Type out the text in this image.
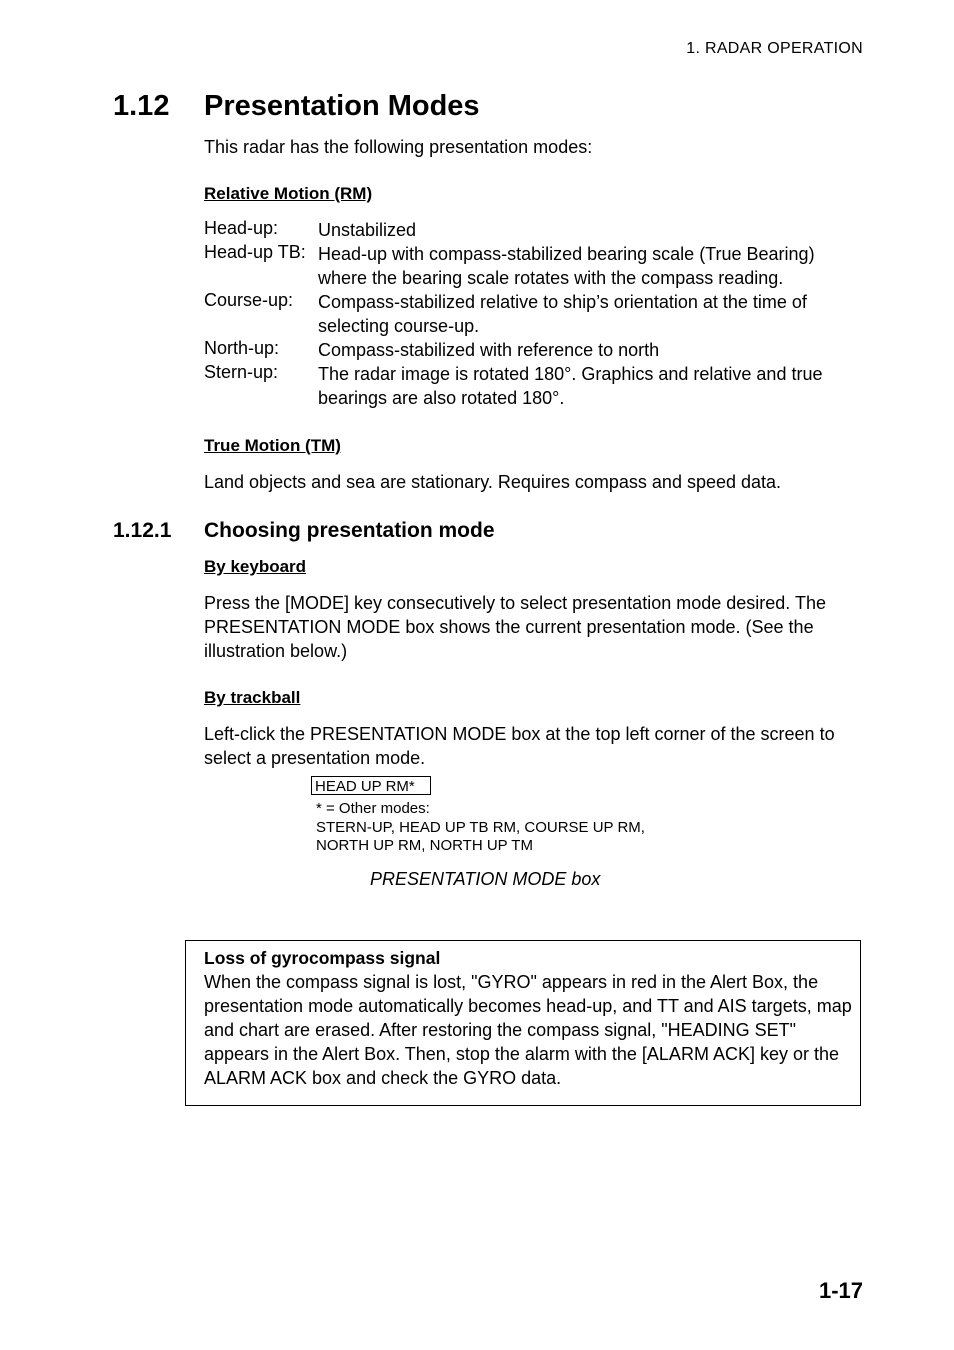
1. RADAR OPERATION
1.12 Presentation Modes
This radar has the following presentation modes:
Relative Motion (RM)
Head-up: Unstabilized
Head-up TB: Head-up with compass-stabilized bearing scale (True Bearing) where the bearing scale rotates with the compass reading.
Course-up: Compass-stabilized relative to ship’s orientation at the time of selecting course-up.
North-up: Compass-stabilized with reference to north
Stern-up: The radar image is rotated 180°. Graphics and relative and true bearings are also rotated 180°.
True Motion (TM)
Land objects and sea are stationary. Requires compass and speed data.
1.12.1 Choosing presentation mode
By keyboard
Press the [MODE] key consecutively to select presentation mode desired. The PRESENTATION MODE box shows the current presentation mode. (See the illustration below.)
By trackball
Left-click the PRESENTATION MODE box at the top left corner of the screen to select a presentation mode.
HEAD UP RM*
* = Other modes:
STERN-UP, HEAD UP TB RM, COURSE UP RM,
NORTH UP RM, NORTH UP TM
PRESENTATION MODE box
Loss of gyrocompass signal
When the compass signal is lost, "GYRO" appears in red in the Alert Box, the presentation mode automatically becomes head-up, and TT and AIS targets, map and chart are erased. After restoring the compass signal, "HEADING SET" appears in the Alert Box. Then, stop the alarm with the [ALARM ACK] key or the ALARM ACK box and check the GYRO data.
1-17
